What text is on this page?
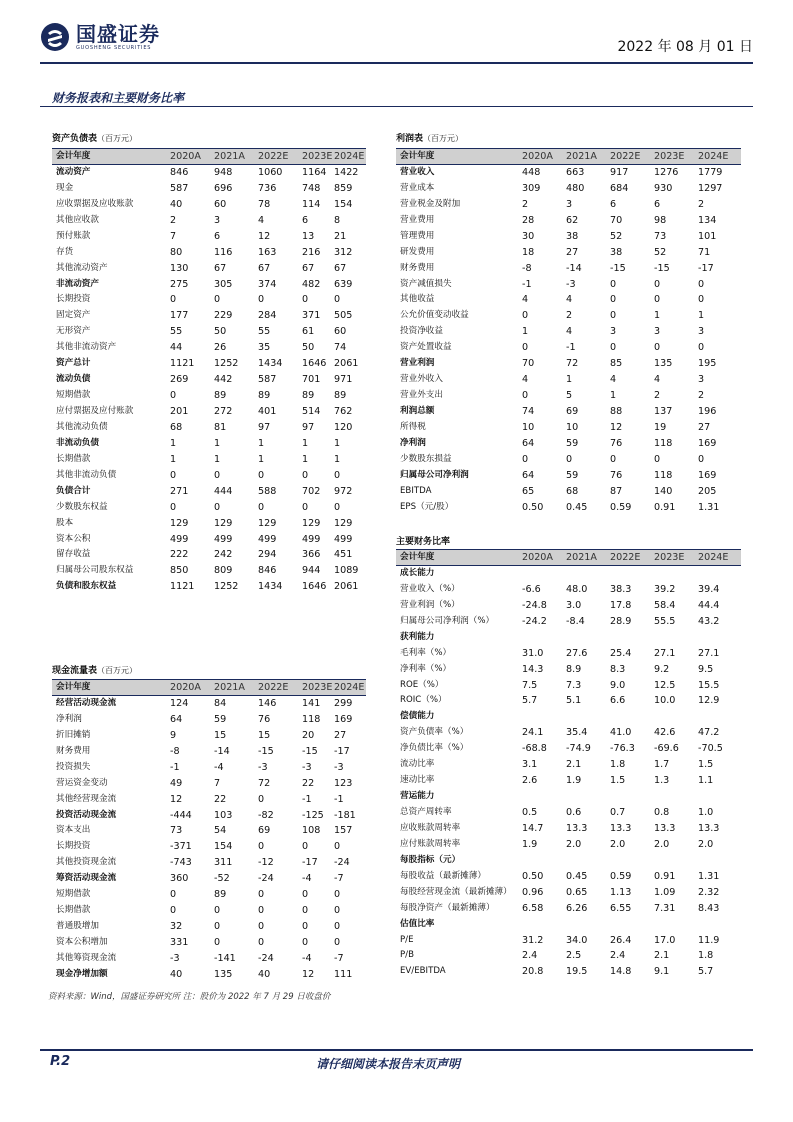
国盛证券
GUOSHENG SECURITIES	2022 年 08 月 01 日
财务报表和主要财务比率
资产负债表（百万元）
会计年度	2020A	2021A	2022E	2023E	2024E
流动资产	846	948	1060	1164	1422
现金	587	696	736	748	859
应收票据及应收账款	40	60	78	114	154
其他应收款	2	3	4	6	8
预付账款	7	6	12	13	21
存货	80	116	163	216	312
其他流动资产	130	67	67	67	67
非流动资产	275	305	374	482	639
长期投资	0	0	0	0	0
固定资产	177	229	284	371	505
无形资产	55	50	55	61	60
其他非流动资产	44	26	35	50	74
资产总计	1121	1252	1434	1646	2061
流动负债	269	442	587	701	971
短期借款	0	89	89	89	89
应付票据及应付账款	201	272	401	514	762
其他流动负债	68	81	97	97	120
非流动负债	1	1	1	1	1
长期借款	1	1	1	1	1
其他非流动负债	0	0	0	0	0
负债合计	271	444	588	702	972
少数股东权益	0	0	0	0	0
股本	129	129	129	129	129
资本公积	499	499	499	499	499
留存收益	222	242	294	366	451
归属母公司股东权益	850	809	846	944	1089
负债和股东权益	1121	1252	1434	1646	2061
现金流量表（百万元）
会计年度	2020A	2021A	2022E	2023E	2024E
经营活动现金流	124	84	146	141	299
净利润	64	59	76	118	169
折旧摊销	9	15	15	20	27
财务费用	-8	-14	-15	-15	-17
投资损失	-1	-4	-3	-3	-3
营运资金变动	49	7	72	22	123
其他经营现金流	12	22	0	-1	-1
投资活动现金流	-444	103	-82	-125	-181
资本支出	73	54	69	108	157
长期投资	-371	154	0	0	0
其他投资现金流	-743	311	-12	-17	-24
筹资活动现金流	360	-52	-24	-4	-7
短期借款	0	89	0	0	0
长期借款	0	0	0	0	0
普通股增加	32	0	0	0	0
资本公积增加	331	0	0	0	0
其他筹资现金流	-3	-141	-24	-4	-7
现金净增加额	40	135	40	12	111
利润表（百万元）
会计年度	2020A	2021A	2022E	2023E	2024E
营业收入	448	663	917	1276	1779
营业成本	309	480	684	930	1297
营业税金及附加	2	3	6	6	2
营业费用	28	62	70	98	134
管理费用	30	38	52	73	101
研发费用	18	27	38	52	71
财务费用	-8	-14	-15	-15	-17
资产减值损失	-1	-3	0	0	0
其他收益	4	4	0	0	0
公允价值变动收益	0	2	0	1	1
投资净收益	1	4	3	3	3
资产处置收益	0	-1	0	0	0
营业利润	70	72	85	135	195
营业外收入	4	1	4	4	3
营业外支出	0	5	1	2	2
利润总额	74	69	88	137	196
所得税	10	10	12	19	27
净利润	64	59	76	118	169
少数股东损益	0	0	0	0	0
归属母公司净利润	64	59	76	118	169
EBITDA	65	68	87	140	205
EPS（元/股）	0.50	0.45	0.59	0.91	1.31
主要财务比率
会计年度	2020A	2021A	2022E	2023E	2024E
成长能力					
营业收入（%）	-6.6	48.0	38.3	39.2	39.4
营业利润（%）	-24.8	3.0	17.8	58.4	44.4
归属母公司净利润（%）	-24.2	-8.4	28.9	55.5	43.2
获利能力					
毛利率（%）	31.0	27.6	25.4	27.1	27.1
净利率（%）	14.3	8.9	8.3	9.2	9.5
ROE（%）	7.5	7.3	9.0	12.5	15.5
ROIC（%）	5.7	5.1	6.6	10.0	12.9
偿债能力					
资产负债率（%）	24.1	35.4	41.0	42.6	47.2
净负债比率（%）	-68.8	-74.9	-76.3	-69.6	-70.5
流动比率	3.1	2.1	1.8	1.7	1.5
速动比率	2.6	1.9	1.5	1.3	1.1
营运能力					
总资产周转率	0.5	0.6	0.7	0.8	1.0
应收账款周转率	14.7	13.3	13.3	13.3	13.3
应付账款周转率	1.9	2.0	2.0	2.0	2.0
每股指标（元）					
每股收益（最新摊薄）	0.50	0.45	0.59	0.91	1.31
每股经营现金流（最新摊薄）	0.96	0.65	1.13	1.09	2.32
每股净资产（最新摊薄）	6.58	6.26	6.55	7.31	8.43
估值比率					
P/E	31.2	34.0	26.4	17.0	11.9
P/B	2.4	2.5	2.4	2.1	1.8
EV/EBITDA	20.8	19.5	14.8	9.1	5.7
资料来源：Wind，国盛证券研究所 注：股价为 2022 年 7 月 29 日收盘价
P.2	请仔细阅读本报告末页声明
